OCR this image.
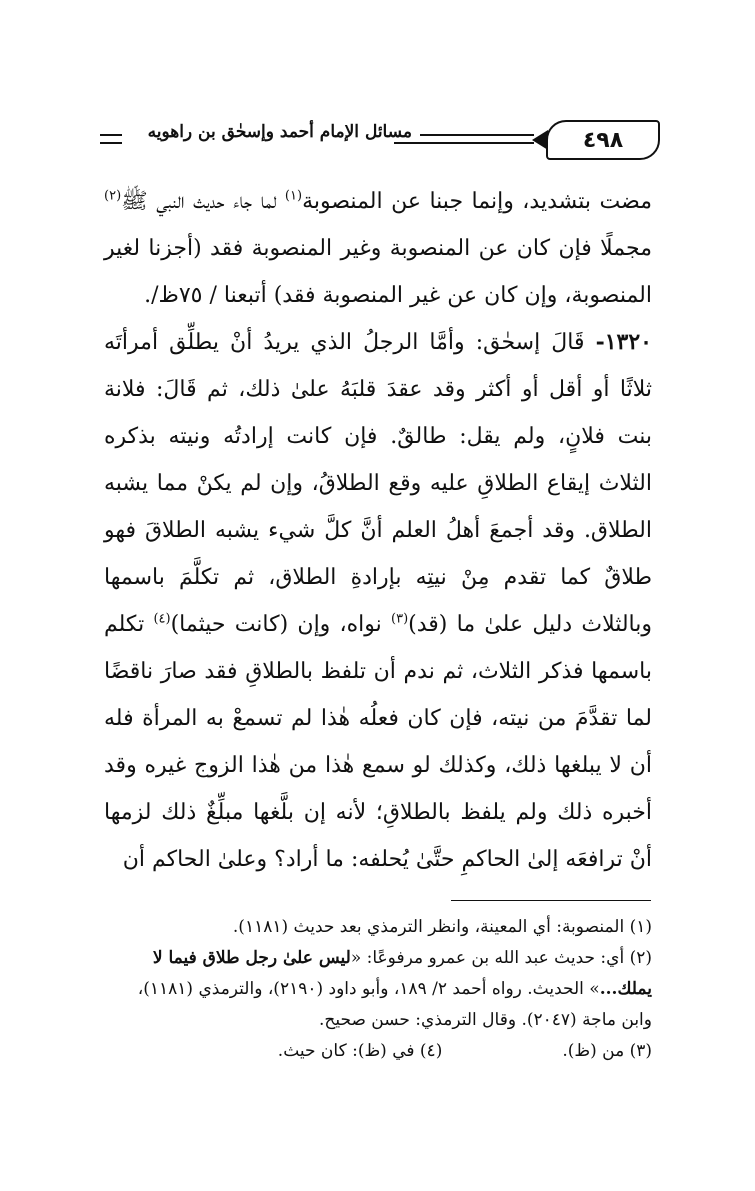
٤٩٨
مسائل الإمام أحمد وإسحٰق بن راهويه

مضت بتشديد، وإنما جبنا عن المنصوبة$^{(١)}$ لما جاء حديث النبي ﷺ$^{(٢)}$ مجملًا فإن كان عن المنصوبة وغير المنصوبة فقد (أجزنا لغير المنصوبة، وإن كان عن غير المنصوبة فقد) أتبعنا / ٧٥ظ/.

١٣٢٠- قَالَ إسحٰق: وأمَّا الرجلُ الذي يريدُ أنْ يطلِّق أمرأتَه ثلاثًا أو أقل أو أكثر وقد عقدَ قلبَهُ علىٰ ذلك، ثم قَالَ: فلانة بنت فلانٍ، ولم يقل: طالقٌ. فإن كانت إرادتُه ونيته بذكره الثلاث إيقاع الطلاقِ عليه وقع الطلاقُ، وإن لم يكنْ مما يشبه الطلاق. وقد أجمعَ أهلُ العلم أنَّ كلَّ شيء يشبه الطلاقَ فهو طلاقٌ كما تقدم مِنْ نيتِه بإرادةِ الطلاق، ثم تكلَّمَ باسمها وبالثلاث دليل علىٰ ما (قد)$^{(٣)}$ نواه، وإن (كانت حيثما)$^{(٤)}$ تكلم باسمها فذكر الثلاث، ثم ندم أن تلفظ بالطلاقِ فقد صارَ ناقضًا لما تقدَّمَ من نيته، فإن كان فعلُه هٰذا لم تسمعْ به المرأة فله أن لا يبلغها ذلك، وكذلك لو سمع هٰذا من هٰذا الزوج غيره وقد أخبره ذلك ولم يلفظ بالطلاقِ؛ لأنه إن بلَّغها مبلِّغٌ ذلك لزمها أنْ ترافعَه إلىٰ الحاكمِ حتَّىٰ يُحلفه: ما أراد؟ وعلىٰ الحاكم أن

(١) المنصوبة: أي المعينة، وانظر الترمذي بعد حديث (١١٨١).

(٢) أي: حديث عبد الله بن عمرو مرفوعًا: «ليس علىٰ رجل طلاق فيما لا يملك...» الحديث. رواه أحمد ٢/ ١٨٩، وأبو داود (٢١٩٠)، والترمذي (١١٨١)، وابن ماجة (٢٠٤٧). وقال الترمذي: حسن صحيح.

(٣) من (ظ).
(٤) في (ظ): كان حيث.
